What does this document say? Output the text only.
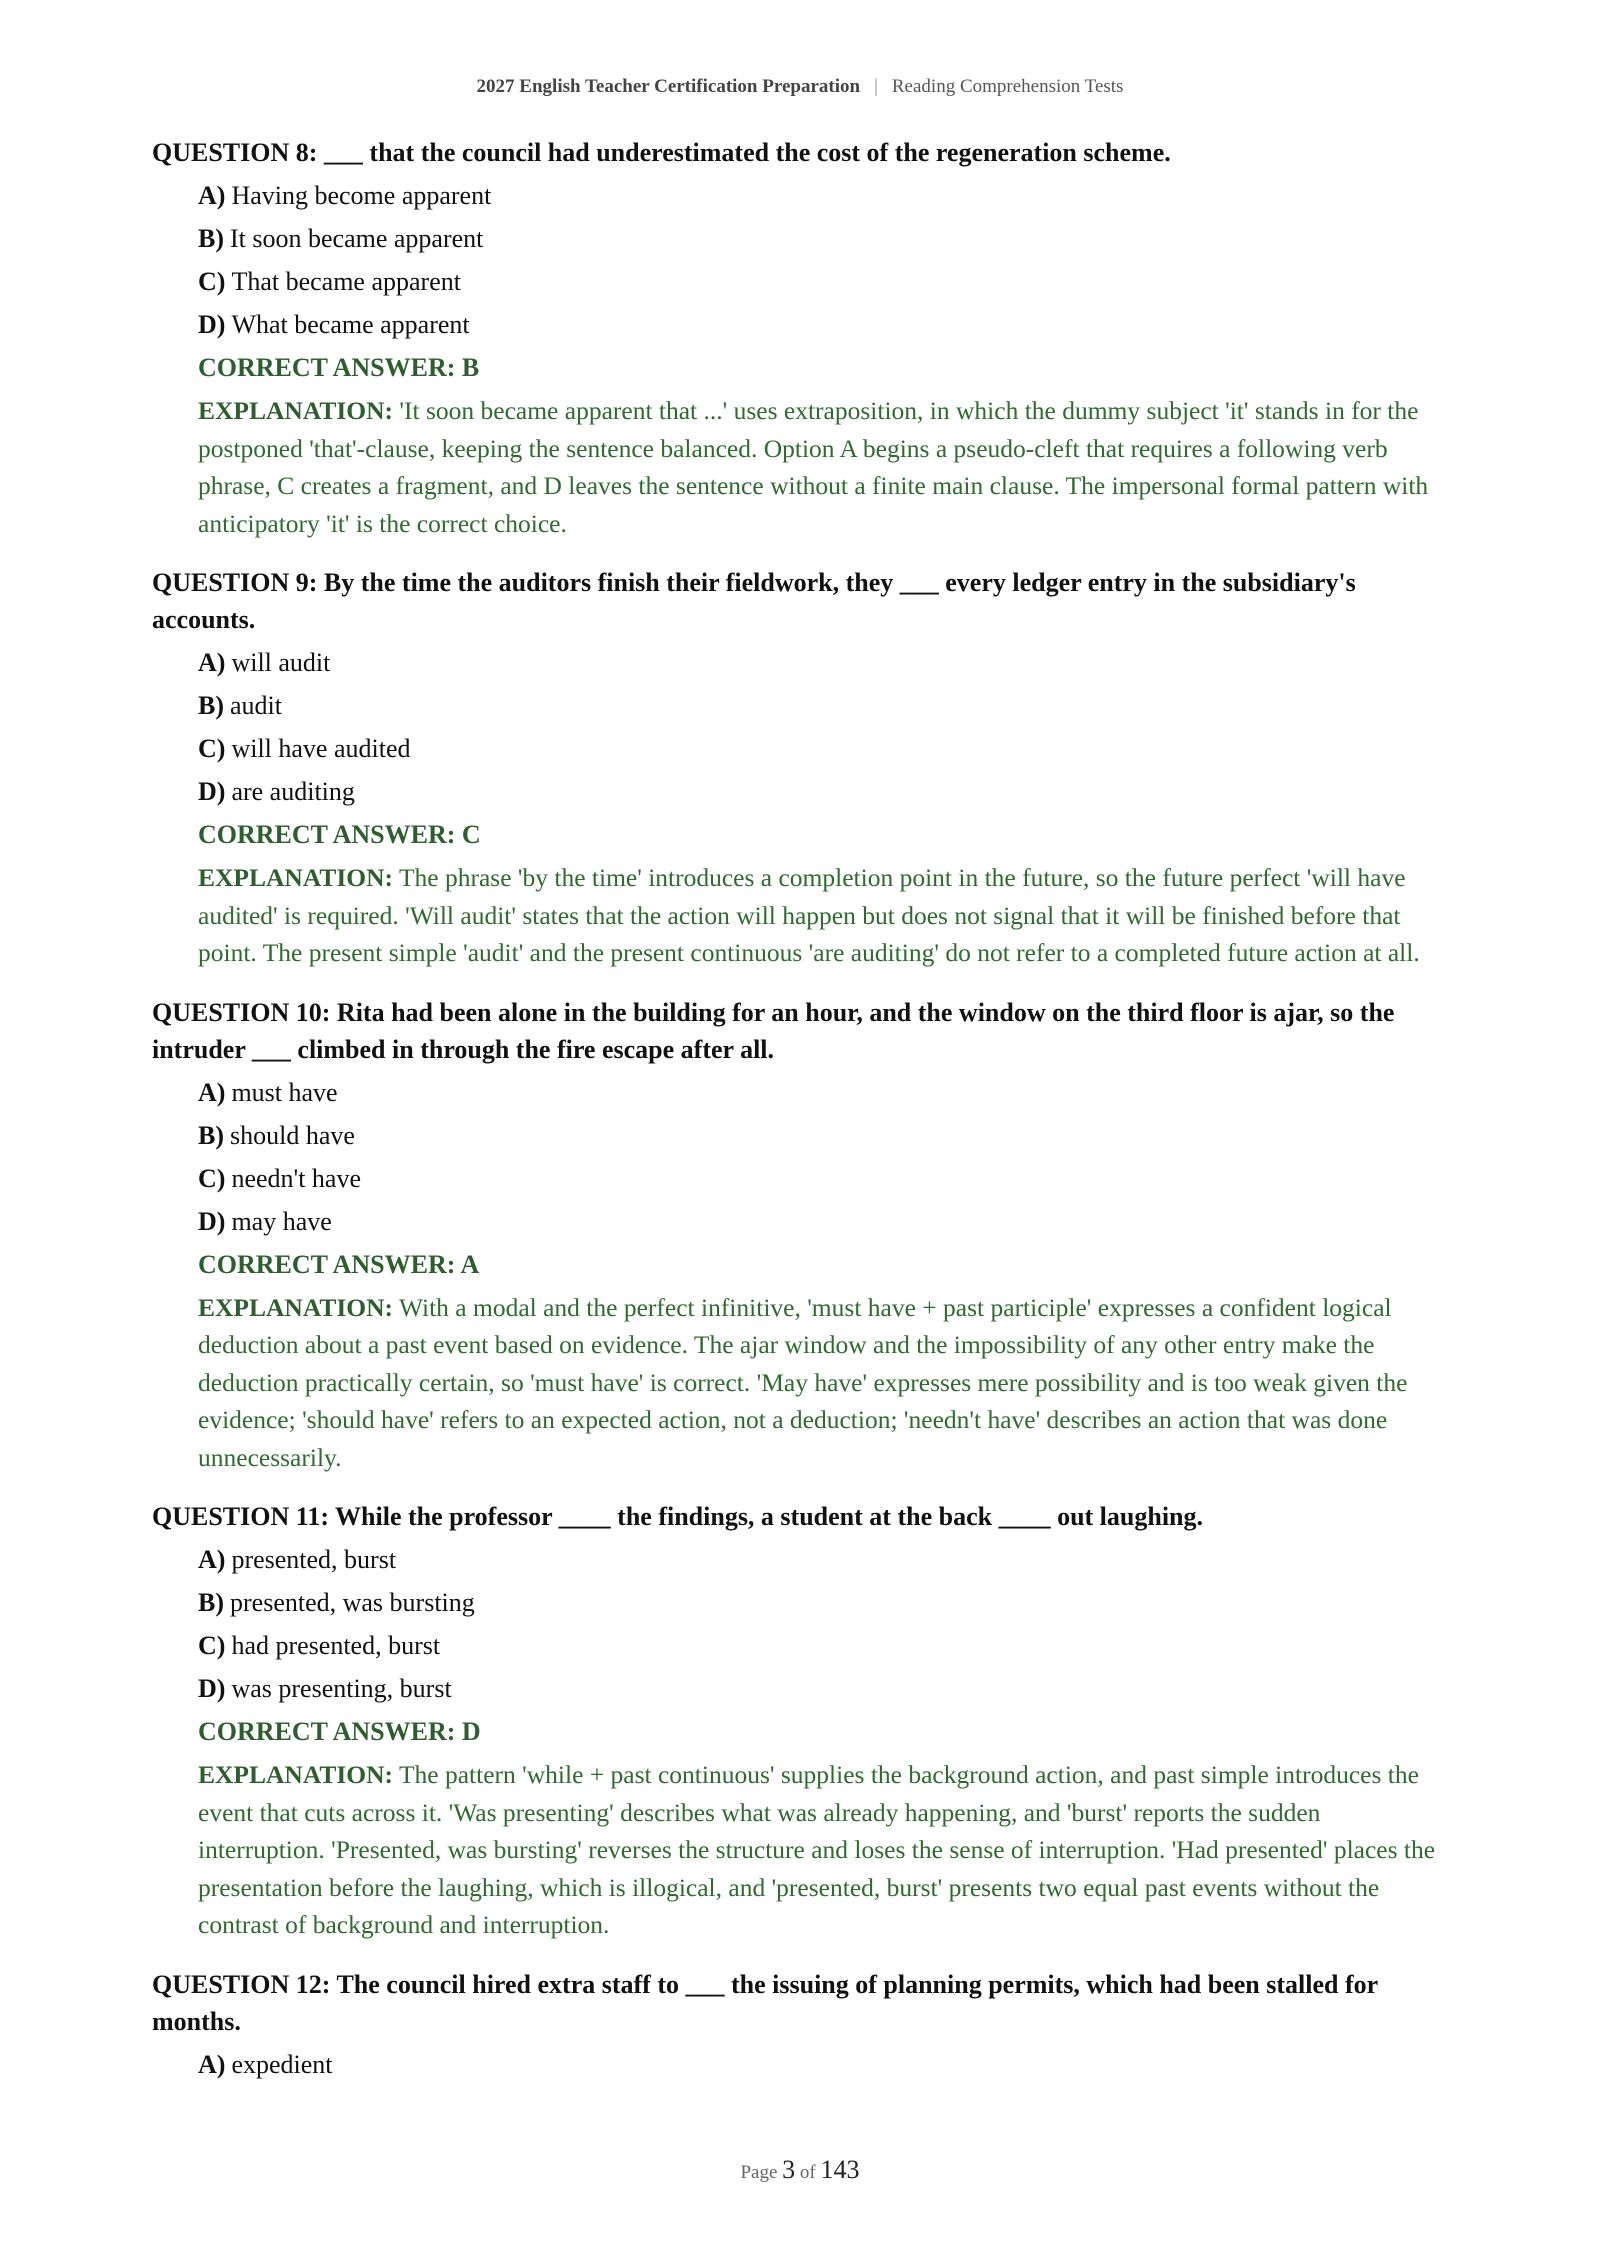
2027 English Teacher Certification Preparation | Reading Comprehension Tests

QUESTION 8: ___ that the council had underestimated the cost of the regeneration scheme.

A) Having become apparent
B) It soon became apparent
C) That became apparent
D) What became apparent
CORRECT ANSWER: B

EXPLANATION: 'It soon became apparent that ...' uses extraposition, in which the dummy subject 'it' stands in for the postponed 'that'-clause, keeping the sentence balanced. Option A begins a pseudo-cleft that requires a following verb phrase, C creates a fragment, and D leaves the sentence without a finite main clause. The impersonal formal pattern with anticipatory 'it' is the correct choice.

QUESTION 9: By the time the auditors finish their fieldwork, they ___ every ledger entry in the subsidiary's accounts.

A) will audit
B) audit
C) will have audited
D) are auditing
CORRECT ANSWER: C

EXPLANATION: The phrase 'by the time' introduces a completion point in the future, so the future perfect 'will have audited' is required. 'Will audit' states that the action will happen but does not signal that it will be finished before that point. The present simple 'audit' and the present continuous 'are auditing' do not refer to a completed future action at all.

QUESTION 10: Rita had been alone in the building for an hour, and the window on the third floor is ajar, so the intruder ___ climbed in through the fire escape after all.

A) must have
B) should have
C) needn't have
D) may have
CORRECT ANSWER: A

EXPLANATION: With a modal and the perfect infinitive, 'must have + past participle' expresses a confident logical deduction about a past event based on evidence. The ajar window and the impossibility of any other entry make the deduction practically certain, so 'must have' is correct. 'May have' expresses mere possibility and is too weak given the evidence; 'should have' refers to an expected action, not a deduction; 'needn't have' describes an action that was done unnecessarily.

QUESTION 11: While the professor ____ the findings, a student at the back ____ out laughing.

A) presented, burst
B) presented, was bursting
C) had presented, burst
D) was presenting, burst
CORRECT ANSWER: D

EXPLANATION: The pattern 'while + past continuous' supplies the background action, and past simple introduces the event that cuts across it. 'Was presenting' describes what was already happening, and 'burst' reports the sudden interruption. 'Presented, was bursting' reverses the structure and loses the sense of interruption. 'Had presented' places the presentation before the laughing, which is illogical, and 'presented, burst' presents two equal past events without the contrast of background and interruption.

QUESTION 12: The council hired extra staff to ___ the issuing of planning permits, which had been stalled for months.

A) expedient
Page 3 of 143
